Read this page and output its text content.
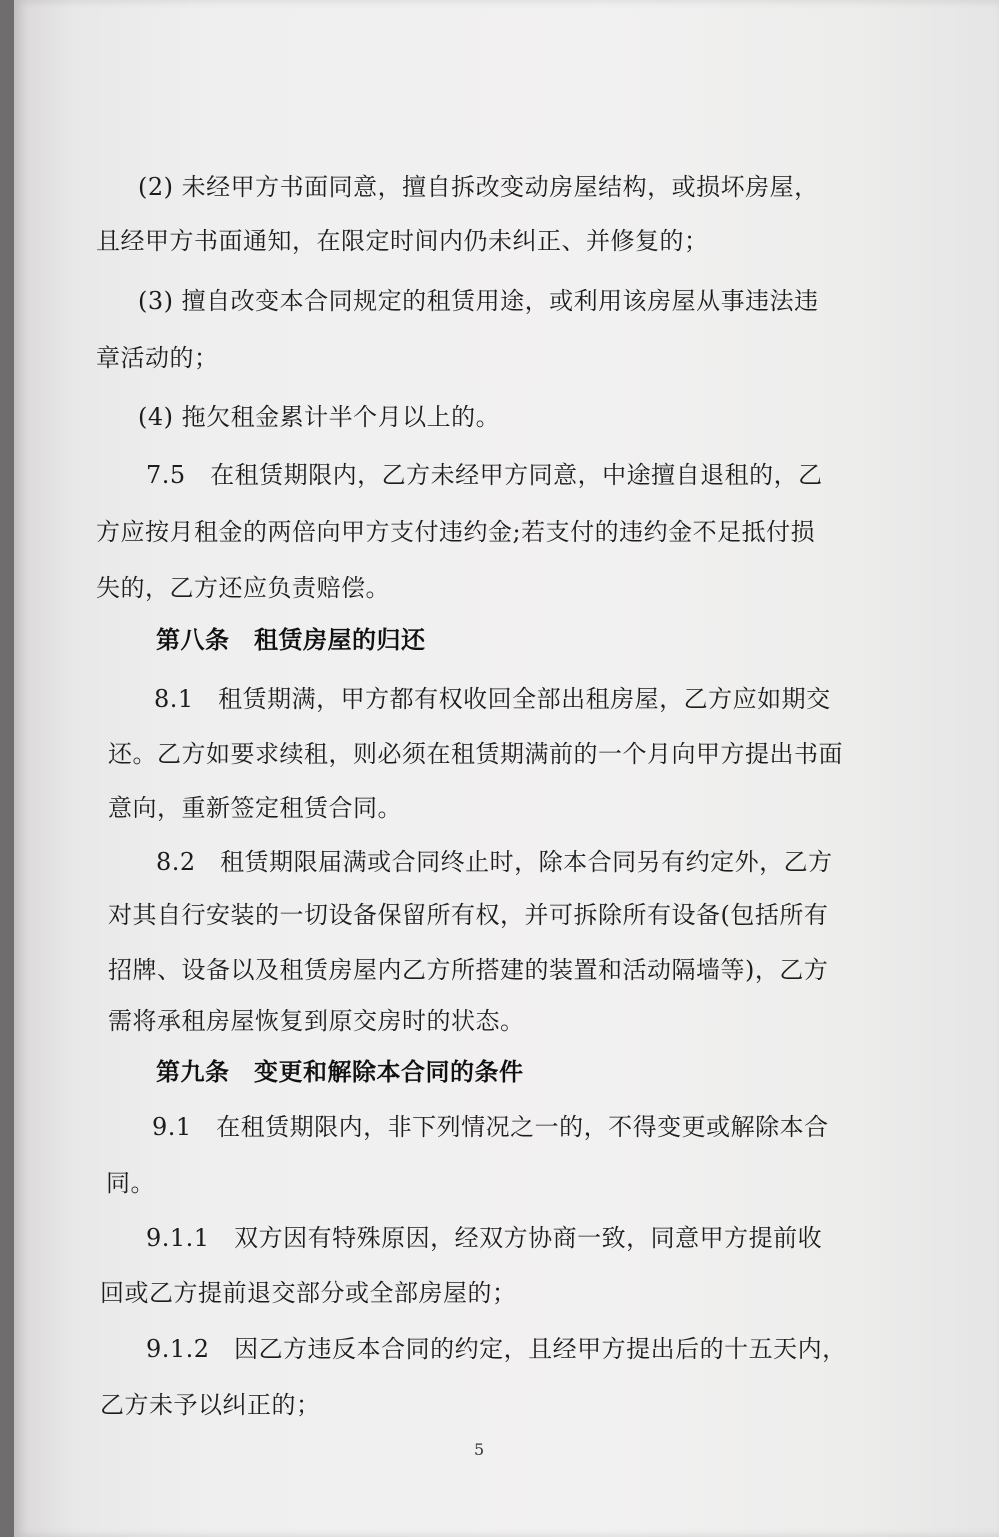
(2) 未经甲方书面同意，擅自拆改变动房屋结构，或损坏房屋，
且经甲方书面通知，在限定时间内仍未纠正、并修复的；
(3) 擅自改变本合同规定的租赁用途，或利用该房屋从事违法违
章活动的；
(4) 拖欠租金累计半个月以上的。
7.5　在租赁期限内，乙方未经甲方同意，中途擅自退租的，乙
方应按月租金的两倍向甲方支付违约金;若支付的违约金不足抵付损
失的，乙方还应负责赔偿。
第八条　租赁房屋的归还
8.1　租赁期满，甲方都有权收回全部出租房屋，乙方应如期交
还。乙方如要求续租，则必须在租赁期满前的一个月向甲方提出书面
意向，重新签定租赁合同。
8.2　租赁期限届满或合同终止时，除本合同另有约定外，乙方
对其自行安装的一切设备保留所有权，并可拆除所有设备(包括所有
招牌、设备以及租赁房屋内乙方所搭建的装置和活动隔墙等)，乙方
需将承租房屋恢复到原交房时的状态。
第九条　变更和解除本合同的条件
9.1　在租赁期限内，非下列情况之一的，不得变更或解除本合
同。
9.1.1　双方因有特殊原因，经双方协商一致，同意甲方提前收
回或乙方提前退交部分或全部房屋的；
9.1.2　因乙方违反本合同的约定，且经甲方提出后的十五天内，
乙方未予以纠正的；
5
